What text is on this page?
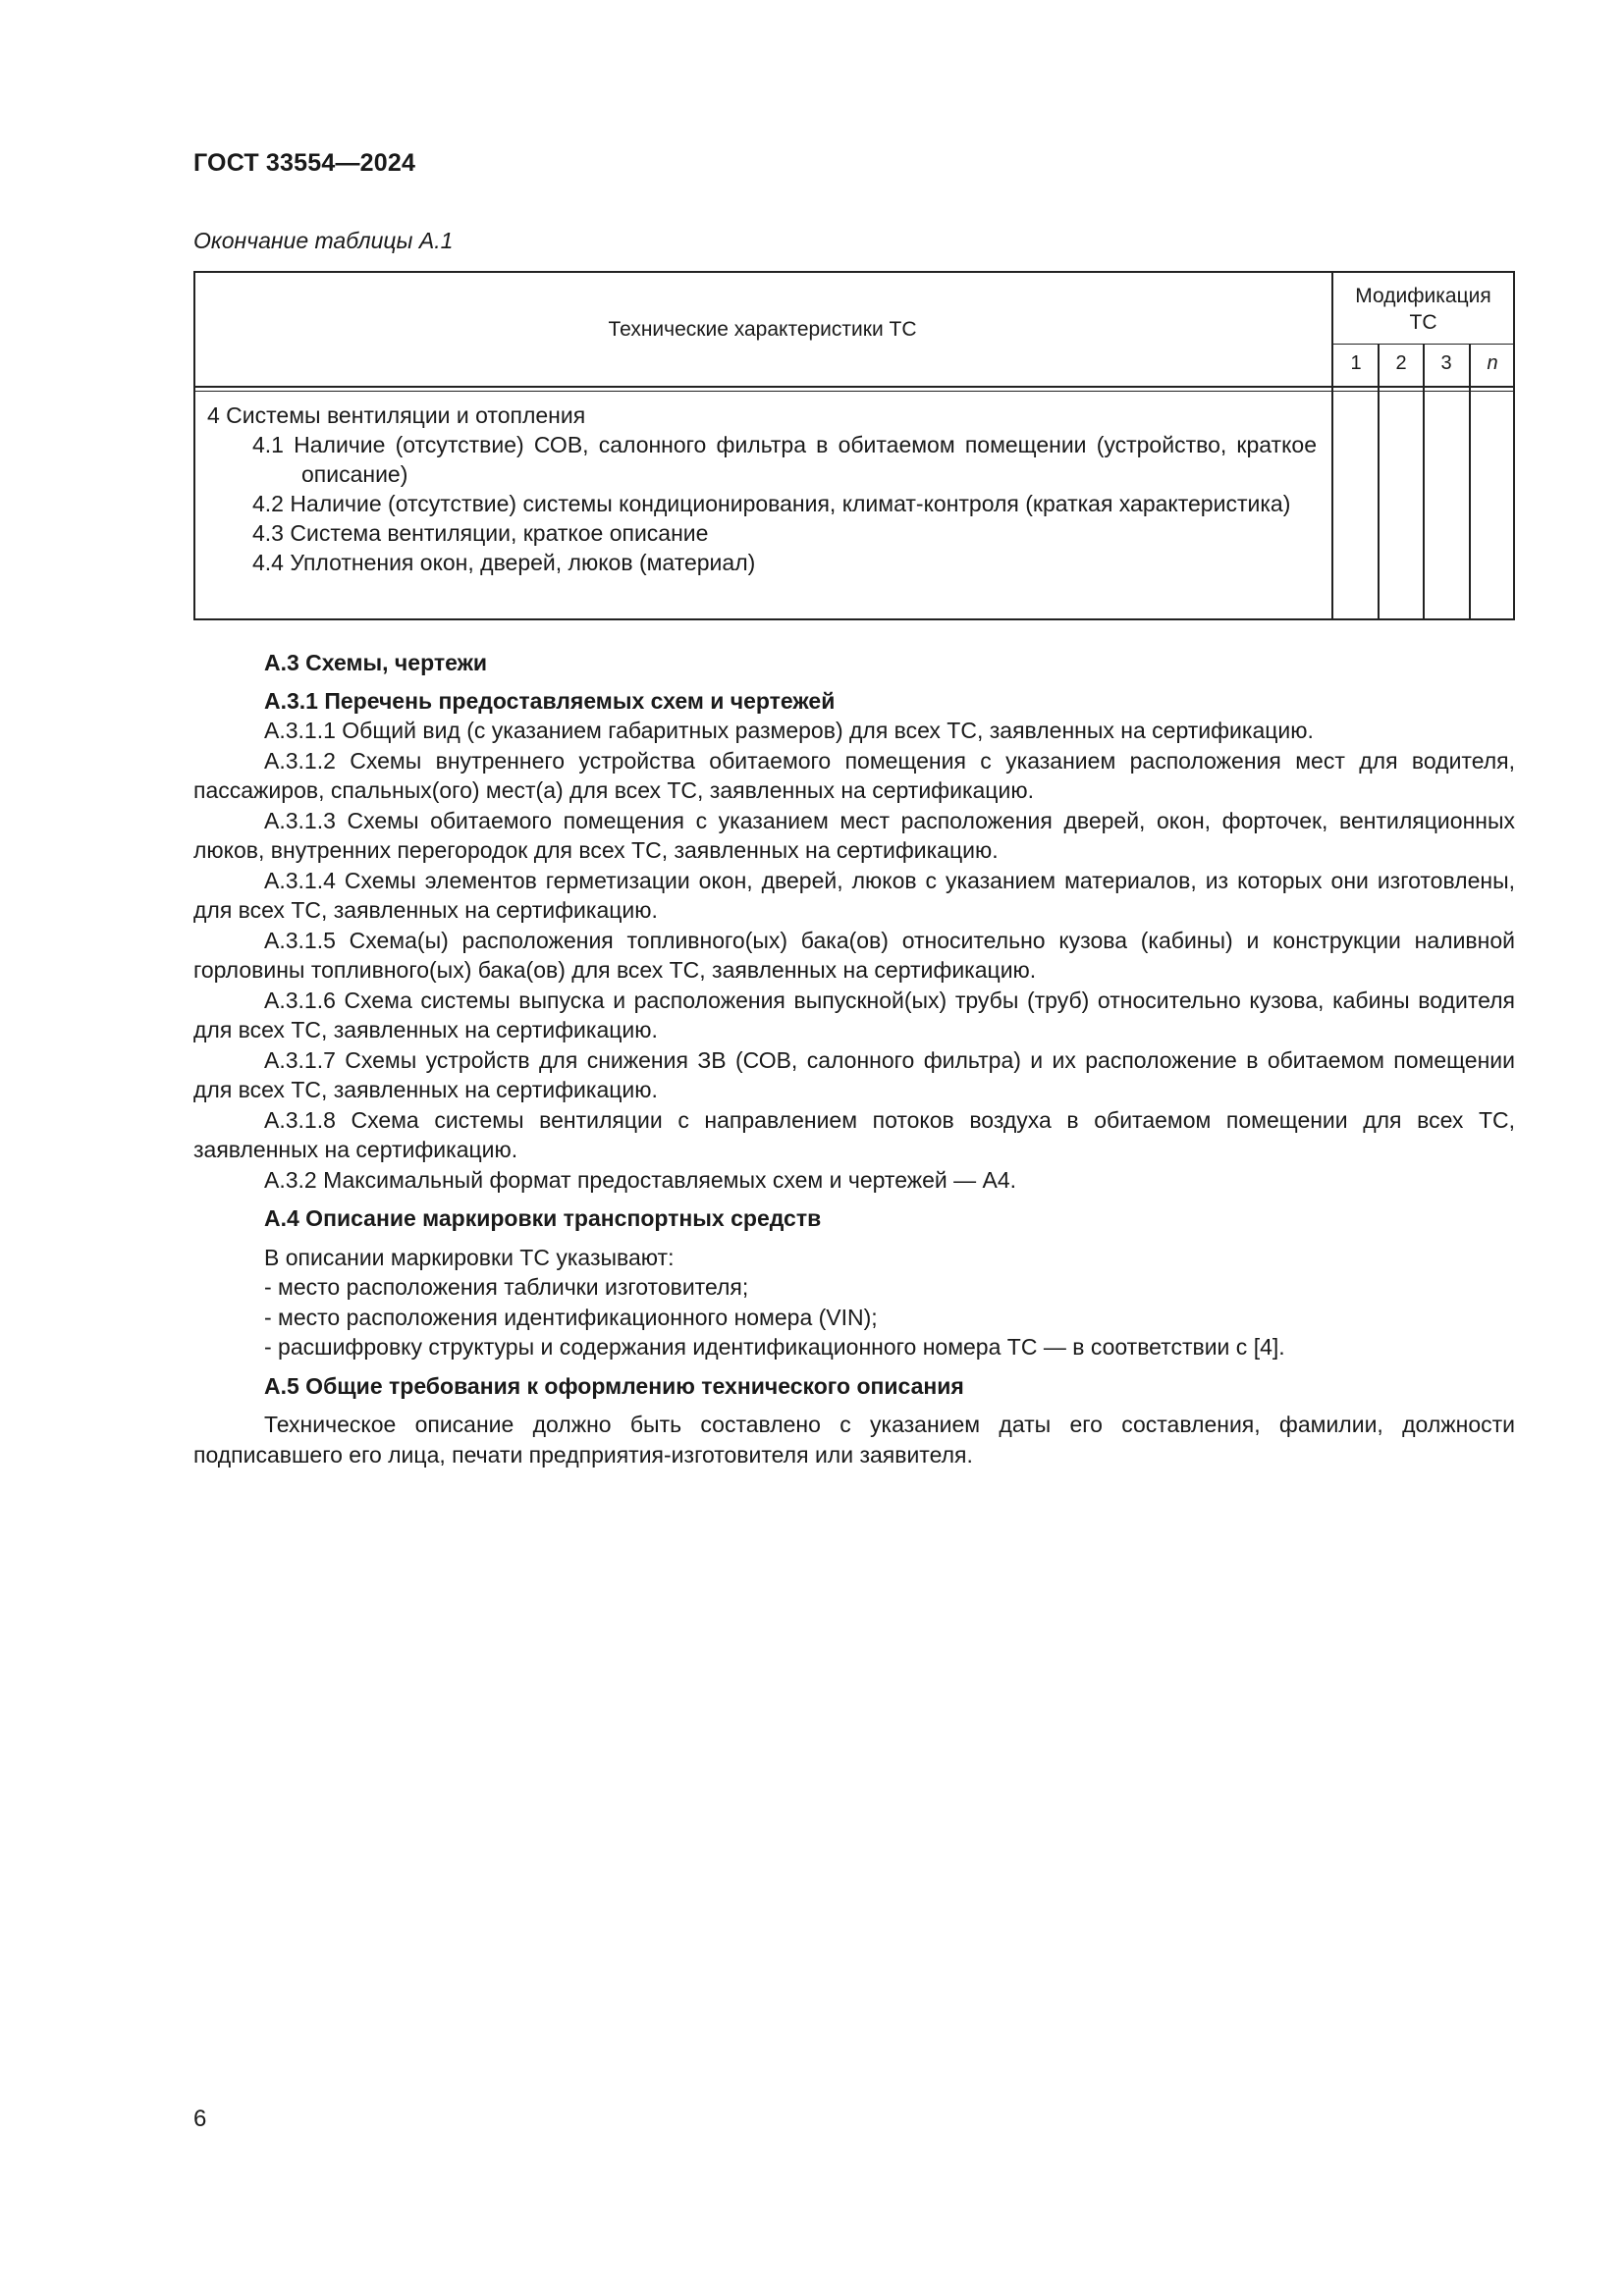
ГОСТ 33554—2024
Окончание таблицы А.1
Технические характеристики ТС
Модификация
ТС
1	2	3	n
4 Системы вентиляции и отопления
4.1 Наличие (отсутствие) СОВ, салонного фильтра в обитаемом помещении (устройство, краткое описание)
4.2 Наличие (отсутствие) системы кондиционирования, климат-контроля (краткая характеристика)
4.3 Система вентиляции, краткое описание
4.4 Уплотнения окон, дверей, люков (материал)
А.3 Схемы, чертежи
А.3.1 Перечень предоставляемых схем и чертежей

А.3.1.1 Общий вид (с указанием габаритных размеров) для всех ТС, заявленных на сертификацию.

А.3.1.2 Схемы внутреннего устройства обитаемого помещения с указанием расположения мест для водителя, пассажиров, спальных(ого) мест(а) для всех ТС, заявленных на сертификацию.

А.3.1.3 Схемы обитаемого помещения с указанием мест расположения дверей, окон, форточек, вентиляционных люков, внутренних перегородок для всех ТС, заявленных на сертификацию.

А.3.1.4 Схемы элементов герметизации окон, дверей, люков с указанием материалов, из которых они изготовлены, для всех ТС, заявленных на сертификацию.

А.3.1.5 Схема(ы) расположения топливного(ых) бака(ов) относительно кузова (кабины) и конструкции наливной горловины топливного(ых) бака(ов) для всех ТС, заявленных на сертификацию.

А.3.1.6 Схема системы выпуска и расположения выпускной(ых) трубы (труб) относительно кузова, кабины водителя для всех ТС, заявленных на сертификацию.

А.3.1.7 Схемы устройств для снижения ЗВ (СОВ, салонного фильтра) и их расположение в обитаемом помещении для всех ТС, заявленных на сертификацию.

А.3.1.8 Схема системы вентиляции с направлением потоков воздуха в обитаемом помещении для всех ТС, заявленных на сертификацию.

А.3.2 Максимальный формат предоставляемых схем и чертежей — А4.

А.4 Описание маркировки транспортных средств
В описании маркировки ТС указывают:
- место расположения таблички изготовителя;
- место расположения идентификационного номера (VIN);
- расшифровку структуры и содержания идентификационного номера ТС — в соответствии с [4].
А.5 Общие требования к оформлению технического описания

Техническое описание должно быть составлено с указанием даты его составления, фамилии, должности подписавшего его лица, печати предприятия-изготовителя или заявителя.

6
